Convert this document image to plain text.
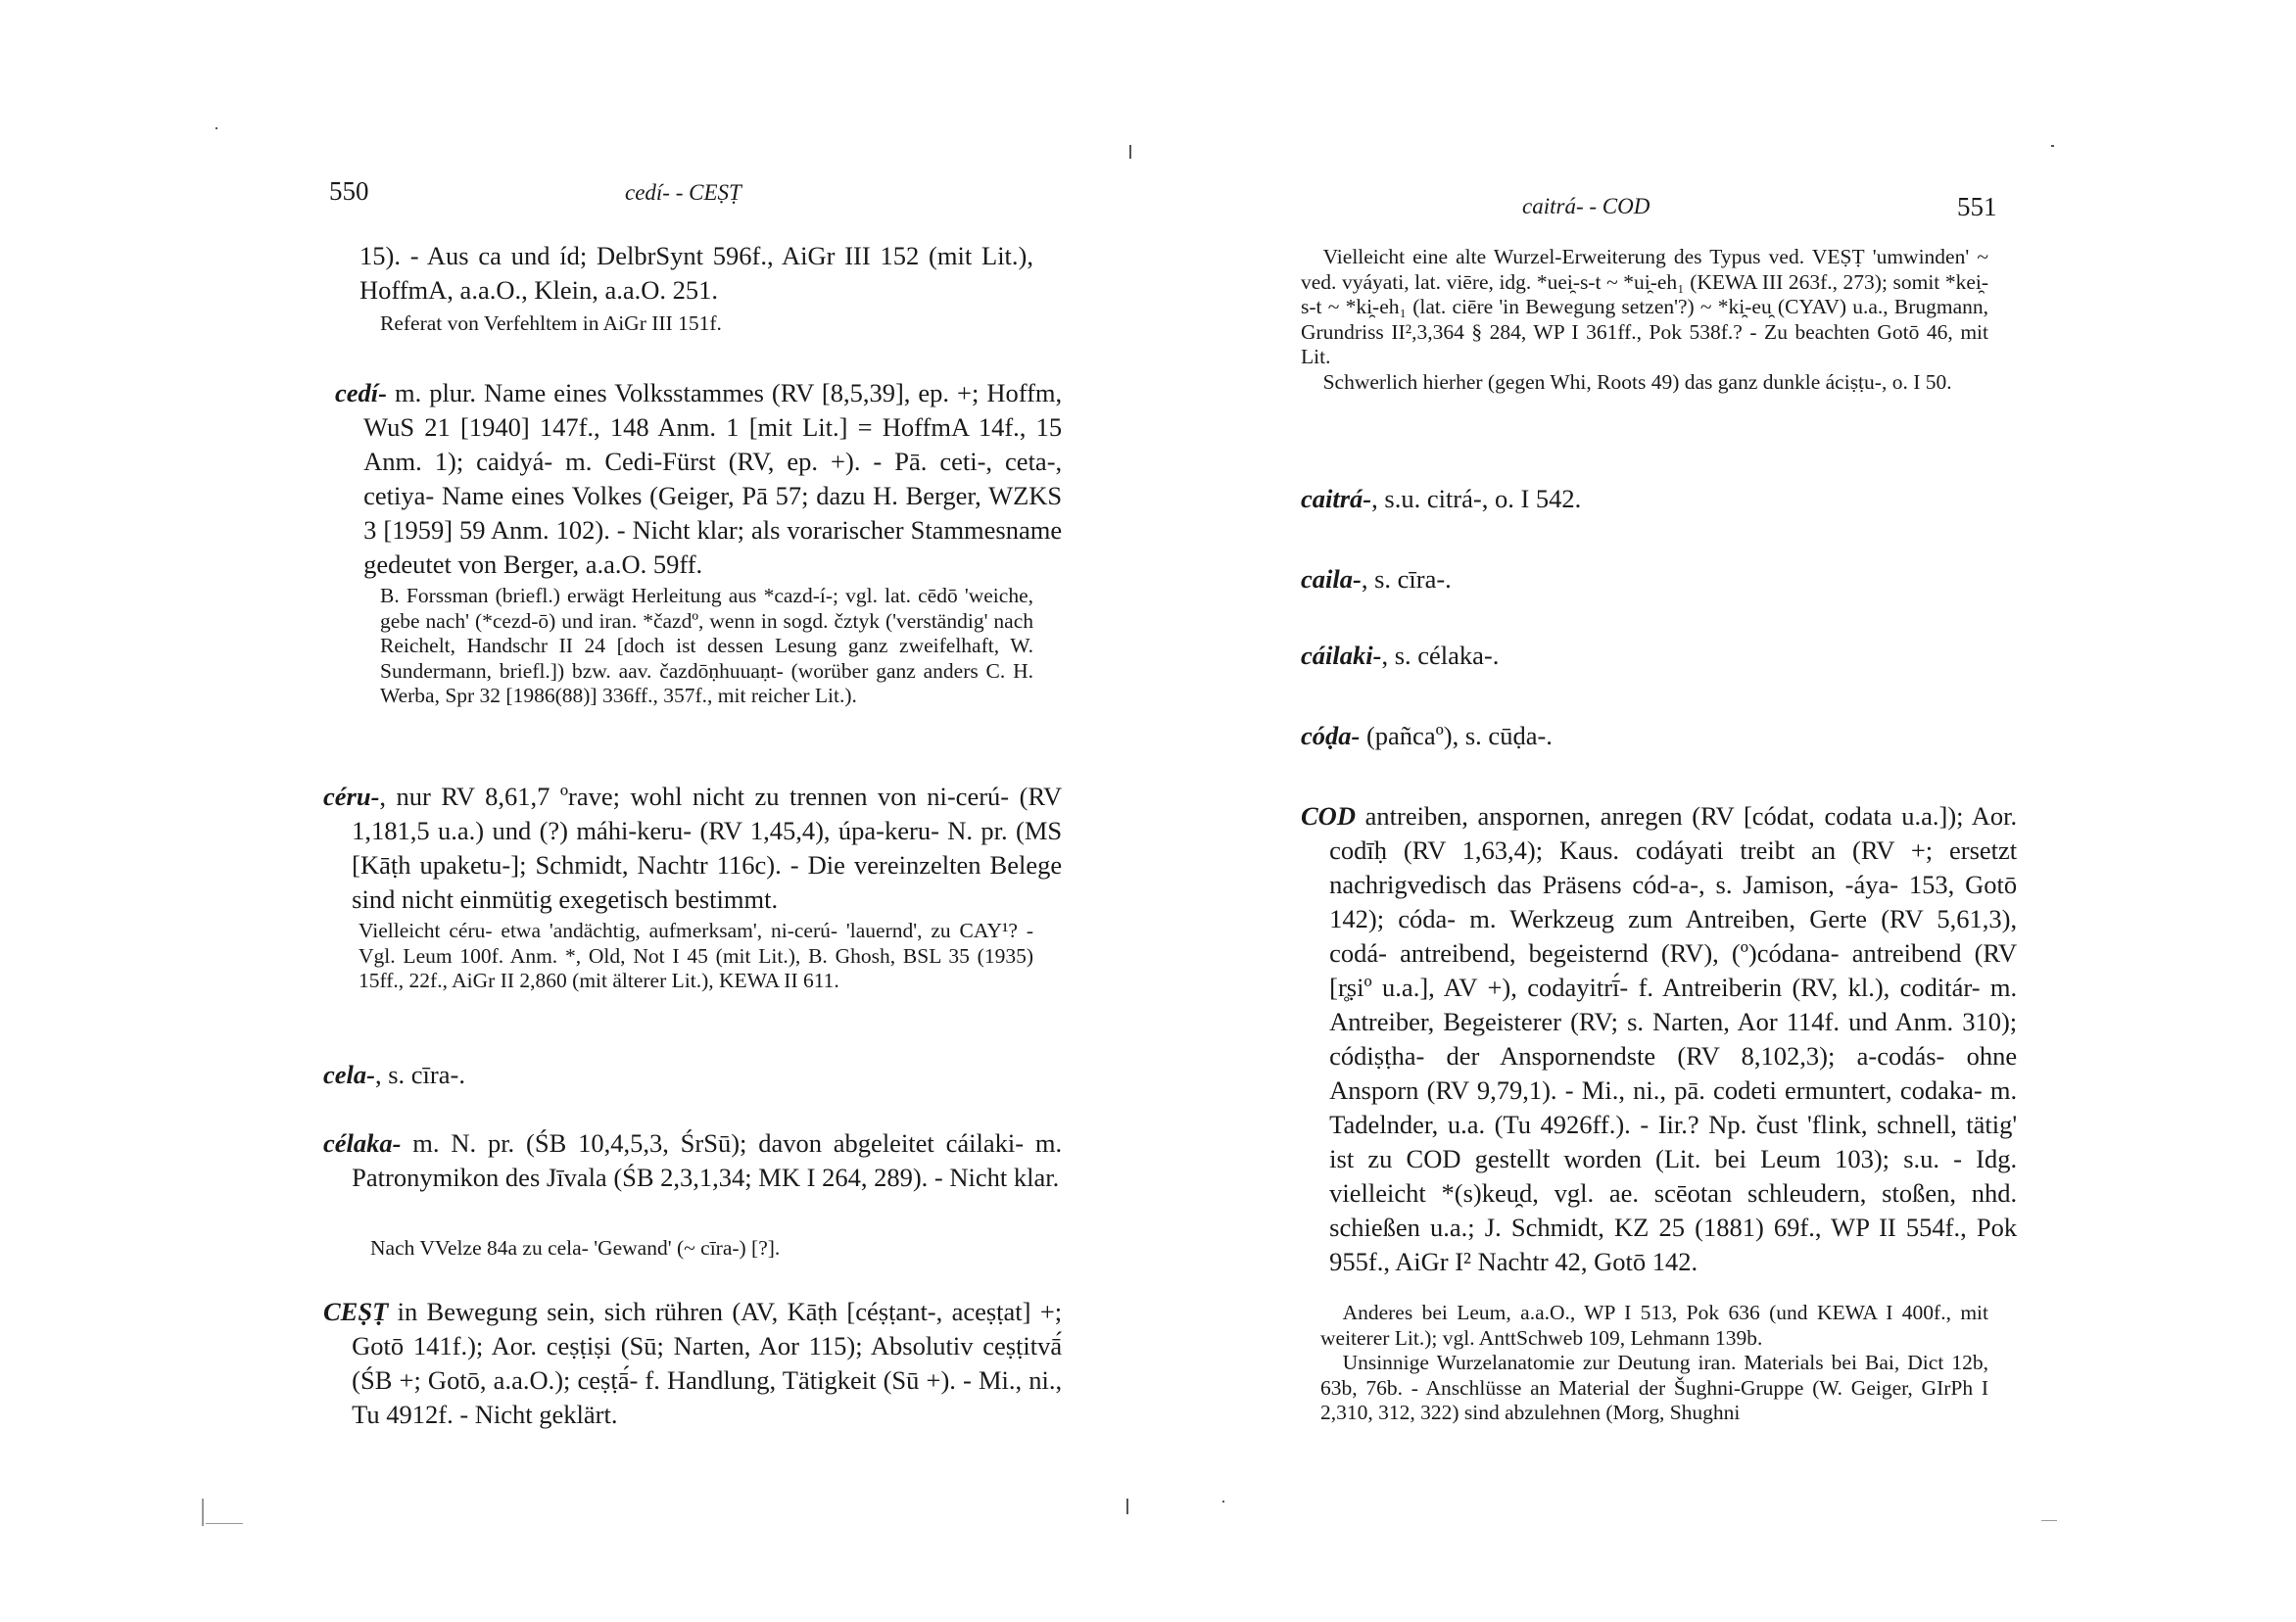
550	cedí- - CEṢṬ

15). - Aus ca und íd; DelbrSynt 596f., AiGr III 152 (mit Lit.), HoffmA, a.a.O., Klein, a.a.O. 251.

Referat von Verfehltem in AiGr III 151f.

cedí- m. plur. Name eines Volksstammes (RV [8,5,39], ep. +; Hoffm, WuS 21 [1940] 147f., 148 Anm. 1 [mit Lit.] = HoffmA 14f., 15 Anm. 1); caidyá- m. Cedi-Fürst (RV, ep. +). - Pā. ceti-, ceta-, cetiya- Name eines Volkes (Geiger, Pā 57; dazu H. Berger, WZKS 3 [1959] 59 Anm. 102). - Nicht klar; als vorarischer Stammesname gedeutet von Berger, a.a.O. 59ff.

B. Forssman (briefl.) erwägt Herleitung aus *cazd-í-; vgl. lat. cēdō 'weiche, gebe nach' (*cezd-ō) und iran. *čazdº, wenn in sogd. čztyk ('verständig' nach Reichelt, Handschr II 24 [doch ist dessen Lesung ganz zweifelhaft, W. Sundermann, briefl.]) bzw. aav. čazdōṇhuuaṇt- (worüber ganz anders C. H. Werba, Spr 32 [1986(88)] 336ff., 357f., mit reicher Lit.).

céru-, nur RV 8,61,7 ºrave; wohl nicht zu trennen von ni-cerú- (RV 1,181,5 u.a.) und (?) máhi-keru- (RV 1,45,4), úpa-keru- N. pr. (MS [Kāṭh upaketu-]; Schmidt, Nachtr 116c). - Die vereinzelten Belege sind nicht einmütig exegetisch bestimmt.

Vielleicht céru- etwa 'andächtig, aufmerksam', ni-cerú- 'lauernd', zu CAY¹? - Vgl. Leum 100f. Anm. *, Old, Not I 45 (mit Lit.), B. Ghosh, BSL 35 (1935) 15ff., 22f., AiGr II 2,860 (mit älterer Lit.), KEWA II 611.

cela-, s. cīra-.

célaka- m. N. pr. (ŚB 10,4,5,3, ŚrSū); davon abgeleitet cáilaki- m. Patronymikon des Jīvala (ŚB 2,3,1,34; MK I 264, 289). - Nicht klar.

Nach VVelze 84a zu cela- 'Gewand' (~ cīra-) [?].

CEṢṬ in Bewegung sein, sich rühren (AV, Kāṭh [céṣṭant-, aceṣṭat] +; Gotō 141f.); Aor. ceṣṭiṣi (Sū; Narten, Aor 115); Absolutiv ceṣṭitvā́ (ŚB +; Gotō, a.a.O.); ceṣṭā́- f. Handlung, Tätigkeit (Sū +). - Mi., ni., Tu 4912f. - Nicht geklärt.

caitrá- - COD	551

Vielleicht eine alte Wurzel-Erweiterung des Typus ved. VEṢṬ 'umwinden' ~ ved. vyáyati, lat. viēre, idg. *uei̯-s-t ~ *ui̯-eh₁ (KEWA III 263f., 273); somit *kei̯-s-t ~ *ki̯-eh₁ (lat. ciēre 'in Bewegung setzen'?) ~ *ki̯-eu̯ (CYAV) u.a., Brugmann, Grundriss II²,3,364 § 284, WP I 361ff., Pok 538f.? - Zu beachten Gotō 46, mit Lit.

Schwerlich hierher (gegen Whi, Roots 49) das ganz dunkle áciṣṭu-, o. I 50.

caitrá-, s.u. citrá-, o. I 542.

caila-, s. cīra-.

cáilaki-, s. célaka-.

cóḍa- (pañcaº), s. cūḍa-.

COD antreiben, anspornen, anregen (RV [códat, codata u.a.]); Aor. codīḥ (RV 1,63,4); Kaus. codáyati treibt an (RV +; ersetzt nachrigvedisch das Präsens cód-a-, s. Jamison, -áya- 153, Gotō 142); códa- m. Werkzeug zum Antreiben, Gerte (RV 5,61,3), codá- antreibend, begeisternd (RV), (º)códana- antreibend (RV [r̥ṣiº u.a.], AV +), codayitrī́- f. Antreiberin (RV, kl.), coditár- m. Antreiber, Begeisterer (RV; s. Narten, Aor 114f. und Anm. 310); códiṣṭha- der Anspornendste (RV 8,102,3); a-codás- ohne Ansporn (RV 9,79,1). - Mi., ni., pā. codeti ermuntert, codaka- m. Tadelnder, u.a. (Tu 4926ff.). - Iir.? Np. čust 'flink, schnell, tätig' ist zu COD gestellt worden (Lit. bei Leum 103); s.u. - Idg. vielleicht *(s)keu̯d, vgl. ae. scēotan schleudern, stoßen, nhd. schießen u.a.; J. Schmidt, KZ 25 (1881) 69f., WP II 554f., Pok 955f., AiGr I² Nachtr 42, Gotō 142.

Anderes bei Leum, a.a.O., WP I 513, Pok 636 (und KEWA I 400f., mit weiterer Lit.); vgl. AnttSchweb 109, Lehmann 139b.

Unsinnige Wurzelanatomie zur Deutung iran. Materials bei Bai, Dict 12b, 63b, 76b. - Anschlüsse an Material der Šughni-Gruppe (W. Geiger, GIrPh I 2,310, 312, 322) sind abzulehnen (Morg, Shughni
